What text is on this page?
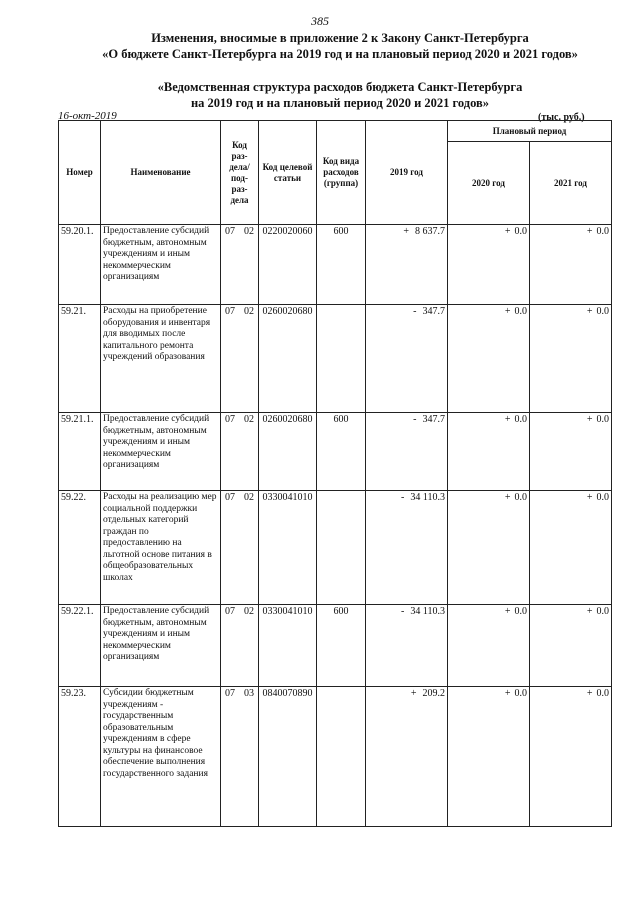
385
Изменения, вносимые в приложение 2 к Закону Санкт-Петербурга
«О бюджете Санкт-Петербурга на 2019 год и на плановый период 2020 и 2021 годов»
«Ведомственная структура расходов бюджета Санкт-Петербурга
на 2019 год и на плановый период 2020 и 2021 годов»
16-окт-2019	(тыс. руб.)
Номер	Наименование	Код раз-дела/ под-раз-дела	Код целевой статьи	Код вида расходов (группа)	2019 год	Плановый период	
						2020 год	2021 год
59.20.1.	Предоставление субсидий бюджетным, автономным учреждениям и иным некоммерческим организациям	07 02	0220020060	600	+ 8 637.7	+ 0.0	+ 0.0

59.21.	Расходы на приобретение оборудования и инвентаря для вводимых после капитального ремонта учреждений образования	07 02	0260020680		- 347.7	+ 0.0	+ 0.0

59.21.1.	Предоставление субсидий бюджетным, автономным учреждениям и иным некоммерческим организациям	07 02	0260020680	600	- 347.7	+ 0.0	+ 0.0

59.22.	Расходы на реализацию мер социальной поддержки отдельных категорий граждан по предоставлению на льготной основе питания в общеобразовательных школах	07 02	0330041010		- 34 110.3	+ 0.0	+ 0.0

59.22.1.	Предоставление субсидий бюджетным, автономным учреждениям и иным некоммерческим организациям	07 02	0330041010	600	- 34 110.3	+ 0.0	+ 0.0

59.23.	Субсидии бюджетным учреждениям - государственным образовательным учреждениям в сфере культуры на финансовое обеспечение выполнения государственного задания	07 03	0840070890		+ 209.2	+ 0.0	+ 0.0
